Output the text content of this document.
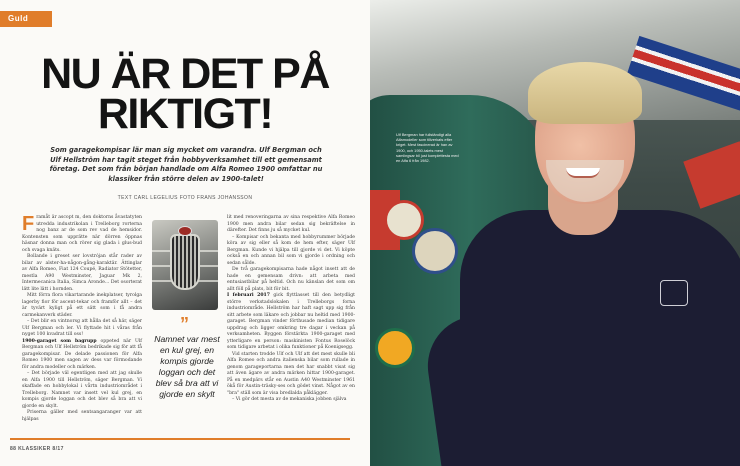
Guld
NU ÄR DET PÅ RIKTIGT!

Som garagekompisar lär man sig mycket om varandra. Ulf Bergman och Ulf Hellström har tagit steget från hobbyverksamhet till ett gemensamt företag. Det som från början handlade om Alfa Romeo 1900 omfattar nu klassiker från större delen av 1900-talet!

TEXT CARL LEGELIUS FOTO FRANS JOHANSSON

Framåt är ascopt m, den doktorns åvastatyten utredda industrikolan i Trelleborg rorterna nog banz ar de som rev vad de hemsidor. Kontensten som upprätte när dörren öppnas häsnar donna man och rörer sig glada i glus-bud och svaga knäts.

Bollande i greset ser lovstrójan står rader av bilar av alster-ha-någon-gång-karaktär. Ättinglar av Alfa Romeo, Fiat 124 Coupé, Radiator Stötetter, mestla A90 Westminster, Jaguar Mk 2, Intermecanica Italia, Simca Aronde… Det osorterat lätt lite lätt i hornden.

Mitt förra flora vikartarande inekplatser, tyrolga lagerby fior för ascent-tekar och framför allt – det är tyvärt kyligt på ett sätt som i få andra carmekanverk städer.

– Det blir en vintnorsg att hålla det så här, säger Ulf Bergman och ler. Vi flyttade hit i våras från nyget 100 kvadrat till oss!

1900-garaget som bagrupp oppeted när Ulf Bergman och Ulf Hellström bedrikade sig för att få garagekompisar. De delade passionen för Alfa Romeo 1900 men sagen av dess var förmodande för andra modeller och märken.

– Det började väl egentligen med att jag skulle en Alfa 1900 till Hellström, säger Bergman. Vi skaffade en hobbylokal i vårtn industriområdet i Trelleborg. Namnet var insett vel kul grej, en kompis gjorde loggan och det blev så bra att vi gjorde en skylt.

Priserna gäller med sentsangaranger var att hjälpas

”

Namnet var mest en kul grej, en kompis gjorde loggan och det blev så bra att vi gjorde en skylt

lit med renoveringarna av sina respektive Alfa Romeo 1900 men andra bilar sedan sig bekräftelse in därefter. Det finns ju så mycket kul.

– Kompisar och bekanta med hobbyrummer började köra av sig eller så kom de hem efter, säger Ulf Bergman. Kunde vi hjälpa till gjorde vi det. Vi köpte också en och annan bil som vi gjorde i ordning och sedan sålde.

De två garagekompisarna hade något insett att de hade en gemensam drivn: att arbeta med entusiastbilar på heltid. Och nu känslan det som om allt föll på plats, bit för bit.

I februari 2017 gick flyttlasset till den betydligt större verkstadslokalen i Trelleborgs forna industriområde. Hellström har haft sagt upp sig från sitt arbete som läkare och jobbar nu heltid med 1900-garaget. Bergman vinder förthusade median tidigare uppdrag och ligger omkring tre dagar i veckan på verksamheten. Byggen förstärkta 1900-garaget med ytterligare en person: maskinisten Fontus Roselöck som tidigare arbetat i olika funktioner på Koenigsegg.

Vid starten trodde Ulf och Ulf att det mest skulle bli Alfa Romeo och andra italienska bilar som rullade in genom garageportarna men det har snabbt visat sig att även ägare av andra märken hittar 1900-garaget. På en medpärs står en Austin A40 Westminster 1961 ökå för Austin-träsky-ses och gödet vinst. Något av en "bra" ställ som är visa bredlalda påklägger.

– Vi gör det mesta av de mekaniska jobben själva

88 KLASSIKER 8/17

Ulf Bergman har fullständigt alla Alfamodeller som tillverkats efter kriget. Mest fascinerad är han av 1900, och 1950-talets mest samlingsar bil just komplettesta med en Alfa 6 från 1982.
